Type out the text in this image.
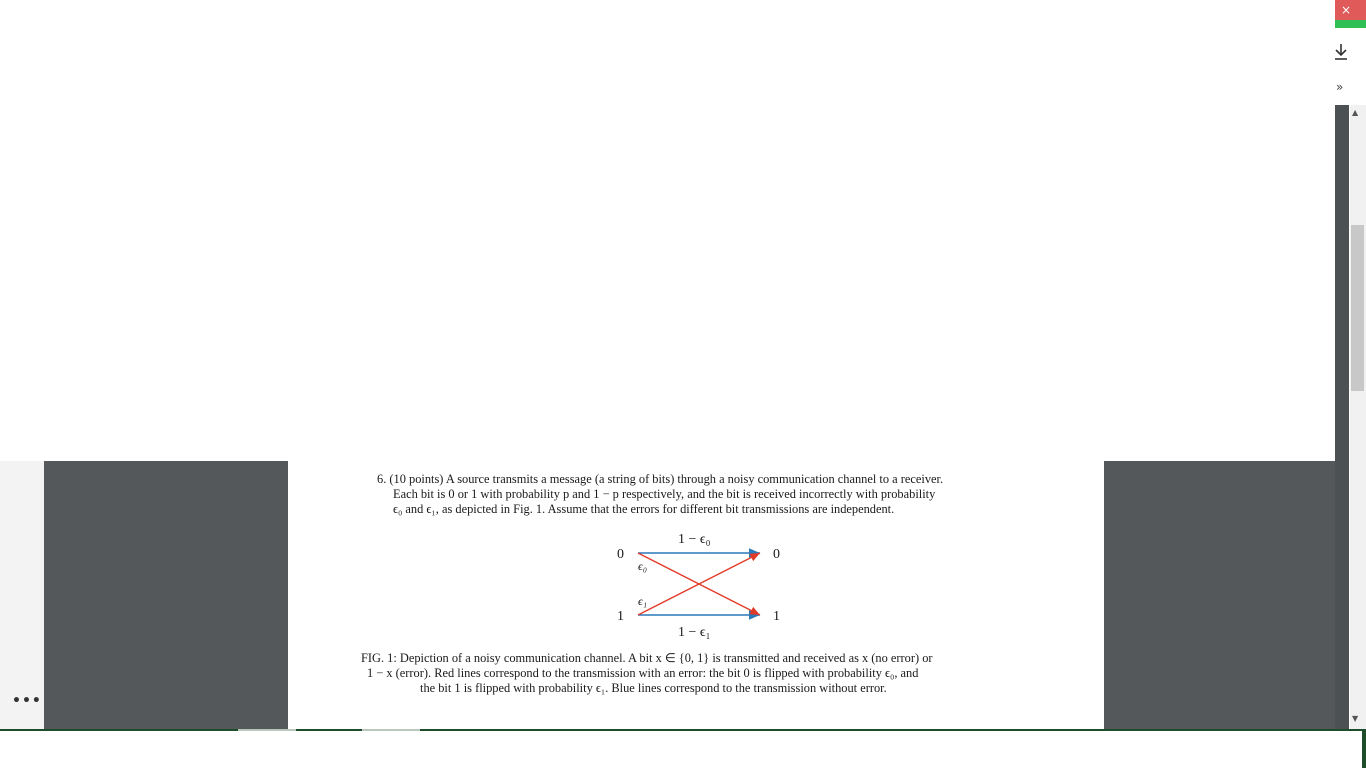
×
»
▲
▼
•••
6. (10 points) A source transmits a message (a string of bits) through a noisy communication channel to a receiver.
Each bit is 0 or 1 with probability p and 1 − p respectively, and the bit is received incorrectly with probability
ϵ₀ and ϵ₁, as depicted in Fig. 1. Assume that the errors for different bit transmissions are independent.
0
1
0
1
1 − ϵ₀
1 − ϵ₁
ϵ₀
ϵ₁
FIG. 1: Depiction of a noisy communication channel. A bit x ∈ {0, 1} is transmitted and received as x (no error) or
1 − x (error). Red lines correspond to the transmission with an error: the bit 0 is flipped with probability ϵ₀, and
the bit 1 is flipped with probability ϵ₁. Blue lines correspond to the transmission without error.
